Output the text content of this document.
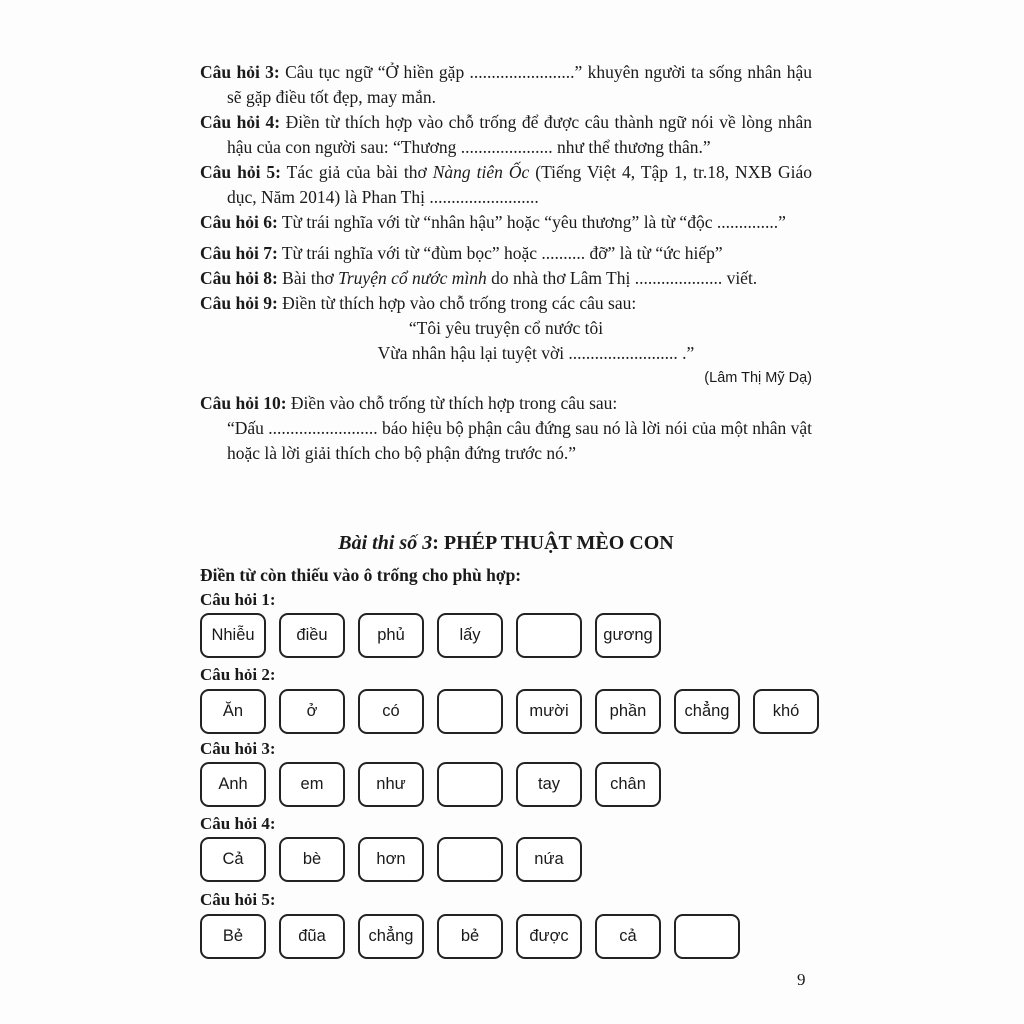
Câu hỏi 3: Câu tục ngữ “Ở hiền gặp ........................” khuyên người ta sống nhân hậu sẽ gặp điều tốt đẹp, may mắn.
Câu hỏi 4: Điền từ thích hợp vào chỗ trống để được câu thành ngữ nói về lòng nhân hậu của con người sau: “Thương ..................... như thể thương thân.”
Câu hỏi 5: Tác giả của bài thơ Nàng tiên Ốc (Tiếng Việt 4, Tập 1, tr.18, NXB Giáo dục, Năm 2014) là Phan Thị .........................
Câu hỏi 6: Từ trái nghĩa với từ “nhân hậu” hoặc “yêu thương” là từ “độc ..............”
Câu hỏi 7: Từ trái nghĩa với từ “đùm bọc” hoặc .......... đỡ” là từ “ức hiếp”
Câu hỏi 8: Bài thơ Truyện cổ nước mình do nhà thơ Lâm Thị .................... viết.
Câu hỏi 9: Điền từ thích hợp vào chỗ trống trong các câu sau:
“Tôi yêu truyện cổ nước tôi
Vừa nhân hậu lại tuyệt vời ......................... .”
(Lâm Thị Mỹ Dạ)
Câu hỏi 10: Điền vào chỗ trống từ thích hợp trong câu sau:
“Dấu ......................... báo hiệu bộ phận câu đứng sau nó là lời nói của một nhân vật hoặc là lời giải thích cho bộ phận đứng trước nó.”
Bài thi số 3: PHÉP THUẬT MÈO CON
Điền từ còn thiếu vào ô trống cho phù hợp:
Câu hỏi 1:
Nhiễu	điều	phủ	lấy	gương
Câu hỏi 2:
Ăn	ở	có	mười	phần	chẳng	khó
Câu hỏi 3:
Anh	em	như	tay	chân
Câu hỏi 4:
Cả	bè	hơn	nứa
Câu hỏi 5:
Bẻ	đũa	chẳng	bẻ	được	cả
9
